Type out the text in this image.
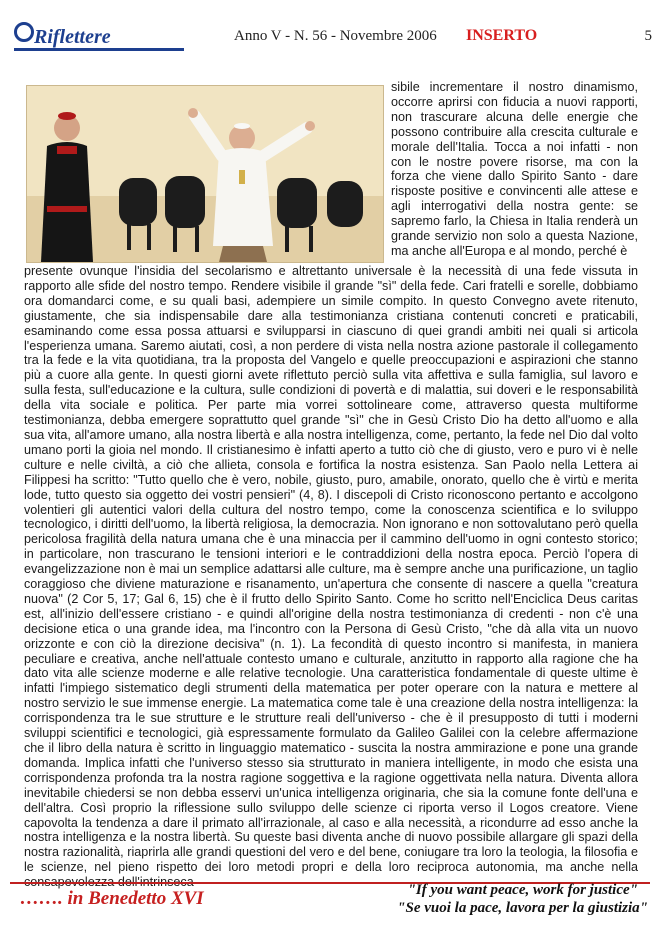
Riflettere	Anno V - N. 56 - Novembre 2006 INSERTO	5
sibile incrementare il nostro dinamismo, occorre aprirsi con fiducia a nuovi rapporti, non trascurare alcuna delle energie che possono contribuire alla crescita culturale e morale dell'Italia. Tocca a noi infatti - non con le nostre povere risorse, ma con la forza che viene dallo Spirito Santo - dare risposte positive e convincenti alle attese e agli interrogativi della nostra gente: se sapremo farlo, la Chiesa in Italia renderà un grande servizio non solo a questa Nazione, ma anche all'Europa e al mondo, perché è
presente ovunque l'insidia del secolarismo e altrettanto universale è la necessità di una fede vissuta in rapporto alle sfide del nostro tempo. Rendere visibile il grande "sì" della fede. Cari fratelli e sorelle, dobbiamo ora domandarci come, e su quali basi, adempiere un simile compito. In questo Convegno avete ritenuto, giustamente, che sia indispensabile dare alla testimonianza cristiana contenuti concreti e praticabili, esaminando come essa possa attuarsi e svilupparsi in ciascuno di quei grandi ambiti nei quali si articola l'esperienza umana. Saremo aiutati, così, a non perdere di vista nella nostra azione pastorale il collegamento tra la fede e la vita quotidiana, tra la proposta del Vangelo e quelle preoccupazioni e aspirazioni che stanno più a cuore alla gente. In questi giorni avete riflettuto perciò sulla vita affettiva e sulla famiglia, sul lavoro e sulla festa, sull'educazione e la cultura, sulle condizioni di povertà e di malattia, sui doveri e le responsabilità della vita sociale e politica. Per parte mia vorrei sottolineare come, attraverso questa multiforme testimonianza, debba emergere soprattutto quel grande "sì" che in Gesù Cristo Dio ha detto all'uomo e alla sua vita, all'amore umano, alla nostra libertà e alla nostra intelligenza, come, pertanto, la fede nel Dio dal volto umano porti la gioia nel mondo. Il cristianesimo è infatti aperto a tutto ciò che di giusto, vero e puro vi è nelle culture e nelle civiltà, a ciò che allieta, consola e fortifica la nostra esistenza. San Paolo nella Lettera ai Filippesi ha scritto: "Tutto quello che è vero, nobile, giusto, puro, amabile, onorato, quello che è virtù e merita lode, tutto questo sia oggetto dei vostri pensieri" (4, 8). I discepoli di Cristo riconoscono pertanto e accolgono volentieri gli autentici valori della cultura del nostro tempo, come la conoscenza scientifica e lo sviluppo tecnologico, i diritti dell'uomo, la libertà religiosa, la democrazia. Non ignorano e non sottovalutano però quella pericolosa fragilità della natura umana che è una minaccia per il cammino dell'uomo in ogni contesto storico; in particolare, non trascurano le tensioni interiori e le contraddizioni della nostra epoca. Perciò l'opera di evangelizzazione non è mai un semplice adattarsi alle culture, ma è sempre anche una purificazione, un taglio coraggioso che diviene maturazione e risanamento, un'apertura che consente di nascere a quella "creatura nuova" (2 Cor 5, 17; Gal 6, 15) che è il frutto dello Spirito Santo. Come ho scritto nell'Enciclica Deus caritas est, all'inizio dell'essere cristiano - e quindi all'origine della nostra testimonianza di credenti - non c'è una decisione etica o una grande idea, ma l'incontro con la Persona di Gesù Cristo, "che dà alla vita un nuovo orizzonte e con ciò la direzione decisiva" (n. 1). La fecondità di questo incontro si manifesta, in maniera peculiare e creativa, anche nell'attuale contesto umano e culturale, anzitutto in rapporto alla ragione che ha dato vita alle scienze moderne e alle relative tecnologie. Una caratteristica fondamentale di queste ultime è infatti l'impiego sistematico degli strumenti della matematica per poter operare con la natura e mettere al nostro servizio le sue immense energie. La matematica come tale è una creazione della nostra intelligenza: la corrispondenza tra le sue strutture e le strutture reali dell'universo - che è il presupposto di tutti i moderni sviluppi scientifici e tecnologici, già espressamente formulato da Galileo Galilei con la celebre affermazione che il libro della natura è scritto in linguaggio matematico - suscita la nostra ammirazione e pone una grande domanda. Implica infatti che l'universo stesso sia strutturato in maniera intelligente, in modo che esista una corrispondenza profonda tra la nostra ragione soggettiva e la ragione oggettivata nella natura. Diventa allora inevitabile chiedersi se non debba esservi un'unica intelligenza originaria, che sia la comune fonte dell'una e dell'altra. Così proprio la riflessione sullo sviluppo delle scienze ci riporta verso il Logos creatore. Viene capovolta la tendenza a dare il primato all'irrazionale, al caso e alla necessità, a ricondurre ad esso anche la nostra intelligenza e la nostra libertà. Su queste basi diventa anche di nuovo possibile allargare gli spazi della nostra razionalità, riaprirla alle grandi questioni del vero e del bene, coniugare tra loro la teologia, la filosofia e le scienze, nel pieno rispetto dei loro metodi propri e della loro reciproca autonomia, ma anche nella
……. in Benedetto XVI	"If you want peace, work for justice"
"Se vuoi la pace, lavora per la giustizia"
